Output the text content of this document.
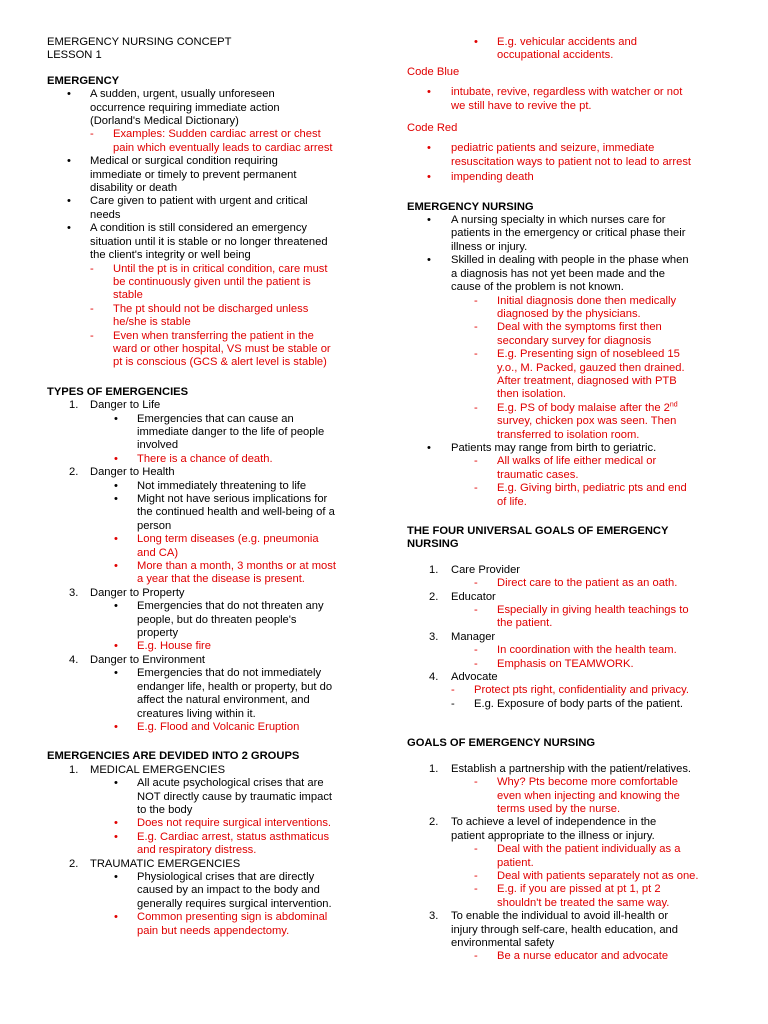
EMERGENCY NURSING CONCEPT

LESSON 1

EMERGENCY

• A sudden, urgent, usually unforeseen
occurrence requiring immediate action
(Dorland's Medical Dictionary)
- Examples: Sudden cardiac arrest or chest
pain which eventually leads to cardiac arrest
• Medical or surgical condition requiring
immediate or timely to prevent permanent
disability or death
• Care given to patient with urgent and critical
needs
• A condition is still considered an emergency
situation until it is stable or no longer threatened
the client's integrity or well being
- Until the pt is in critical condition, care must
be continuously given until the patient is
stable
- The pt should not be discharged unless
he/she is stable
- Even when transferring the patient in the
ward or other hospital, VS must be stable or
pt is conscious (GCS & alert level is stable)

TYPES OF EMERGENCIES

1. Danger to Life
• Emergencies that can cause an
immediate danger to the life of people
involved
• There is a chance of death.
2. Danger to Health
• Not immediately threatening to life
• Might not have serious implications for
the continued health and well-being of a
person
• Long term diseases (e.g. pneumonia
and CA)
• More than a month, 3 months or at most
a year that the disease is present.
3. Danger to Property
• Emergencies that do not threaten any
people, but do threaten people's
property
• E.g. House fire
4. Danger to Environment
• Emergencies that do not immediately
endanger life, health or property, but do
affect the natural environment, and
creatures living within it.
• E.g. Flood and Volcanic Eruption

EMERGENCIES ARE DEVIDED INTO 2 GROUPS

1. MEDICAL EMERGENCIES
• All acute psychological crises that are
NOT directly cause by traumatic impact
to the body
• Does not require surgical interventions.
• E.g. Cardiac arrest, status asthmaticus
and respiratory distress.
2. TRAUMATIC EMERGENCIES
• Physiological crises that are directly
caused by an impact to the body and
generally requires surgical intervention.
• Common presenting sign is abdominal
pain but needs appendectomy.
• E.g. vehicular accidents and
occupational accidents.

Code Blue

• intubate, revive, regardless with watcher or not
we still have to revive the pt.

Code Red

• pediatric patients and seizure, immediate
resuscitation ways to patient not to lead to arrest
• impending death

EMERGENCY NURSING

• A nursing specialty in which nurses care for
patients in the emergency or critical phase their
illness or injury.
• Skilled in dealing with people in the phase when
a diagnosis has not yet been made and the
cause of the problem is not known.
- Initial diagnosis done then medically
diagnosed by the physicians.
- Deal with the symptoms first then
secondary survey for diagnosis
- E.g. Presenting sign of nosebleed 15
y.o., M. Packed, gauzed then drained.
After treatment, diagnosed with PTB
then isolation.
- E.g. PS of body malaise after the 2nd
survey, chicken pox was seen. Then
transferred to isolation room.
• Patients may range from birth to geriatric.
- All walks of life either medical or
traumatic cases.
- E.g. Giving birth, pediatric pts and end
of life.
THE FOUR UNIVERSAL GOALS OF EMERGENCY
NURSING
1. Care Provider
- Direct care to the patient as an oath.
2. Educator
- Especially in giving health teachings to
the patient.
3. Manager
- In coordination with the health team.
- Emphasis on TEAMWORK.
4. Advocate
- Protect pts right, confidentiality and privacy.
- E.g. Exposure of body parts of the patient.

GOALS OF EMERGENCY NURSING

1. Establish a partnership with the patient/relatives.
- Why? Pts become more comfortable
even when injecting and knowing the
terms used by the nurse.
2. To achieve a level of independence in the
patient appropriate to the illness or injury.
- Deal with the patient individually as a
patient.
- Deal with patients separately not as one.
- E.g. if you are pissed at pt 1, pt 2
shouldn't be treated the same way.
3. To enable the individual to avoid ill-health or
injury through self-care, health education, and
environmental safety
- Be a nurse educator and advocate
